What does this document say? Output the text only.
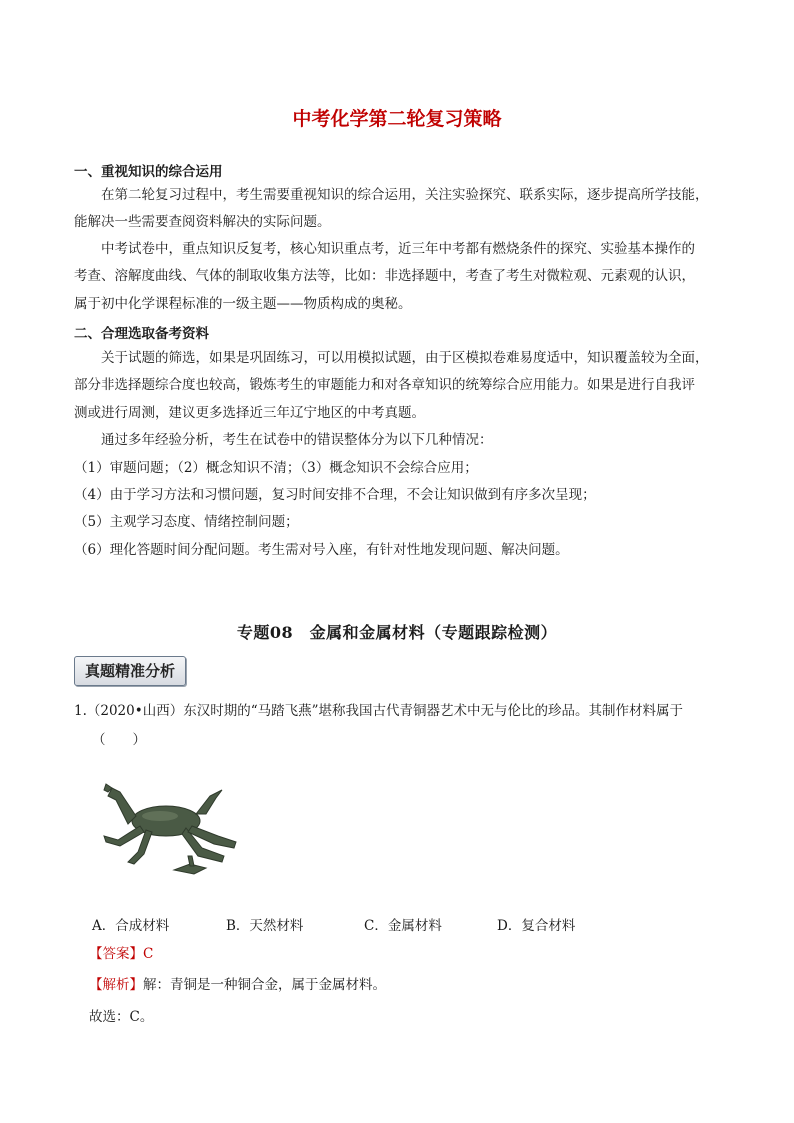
中考化学第二轮复习策略
一、重视知识的综合运用
在第二轮复习过程中，考生需要重视知识的综合运用，关注实验探究、联系实际，逐步提高所学技能，
能解决一些需要查阅资料解决的实际问题。
中考试卷中，重点知识反复考，核心知识重点考，近三年中考都有燃烧条件的探究、实验基本操作的
考查、溶解度曲线、气体的制取收集方法等，比如：非选择题中，考查了考生对微粒观、元素观的认识，
属于初中化学课程标准的一级主题——物质构成的奥秘。
二、合理选取备考资料
关于试题的筛选，如果是巩固练习，可以用模拟试题，由于区模拟卷难易度适中，知识覆盖较为全面，
部分非选择题综合度也较高，锻炼考生的审题能力和对各章知识的统筹综合应用能力。如果是进行自我评
测或进行周测，建议更多选择近三年辽宁地区的中考真题。
通过多年经验分析，考生在试卷中的错误整体分为以下几种情况：
（1）审题问题；（2）概念知识不清；（3）概念知识不会综合应用；
（4）由于学习方法和习惯问题，复习时间安排不合理，不会让知识做到有序多次呈现；
（5）主观学习态度、情绪控制问题；
（6）理化答题时间分配问题。考生需对号入座，有针对性地发现问题、解决问题。
专题08　金属和金属材料（专题跟踪检测）
真题精准分析
1.（2020•山西）东汉时期的“马踏飞燕”堪称我国古代青铜器艺术中无与伦比的珍品。其制作材料属于
（　　）
A．合成材料	B．天然材料	C．金属材料	D．复合材料
【答案】C
【解析】解：青铜是一种铜合金，属于金属材料。
故选：C。
